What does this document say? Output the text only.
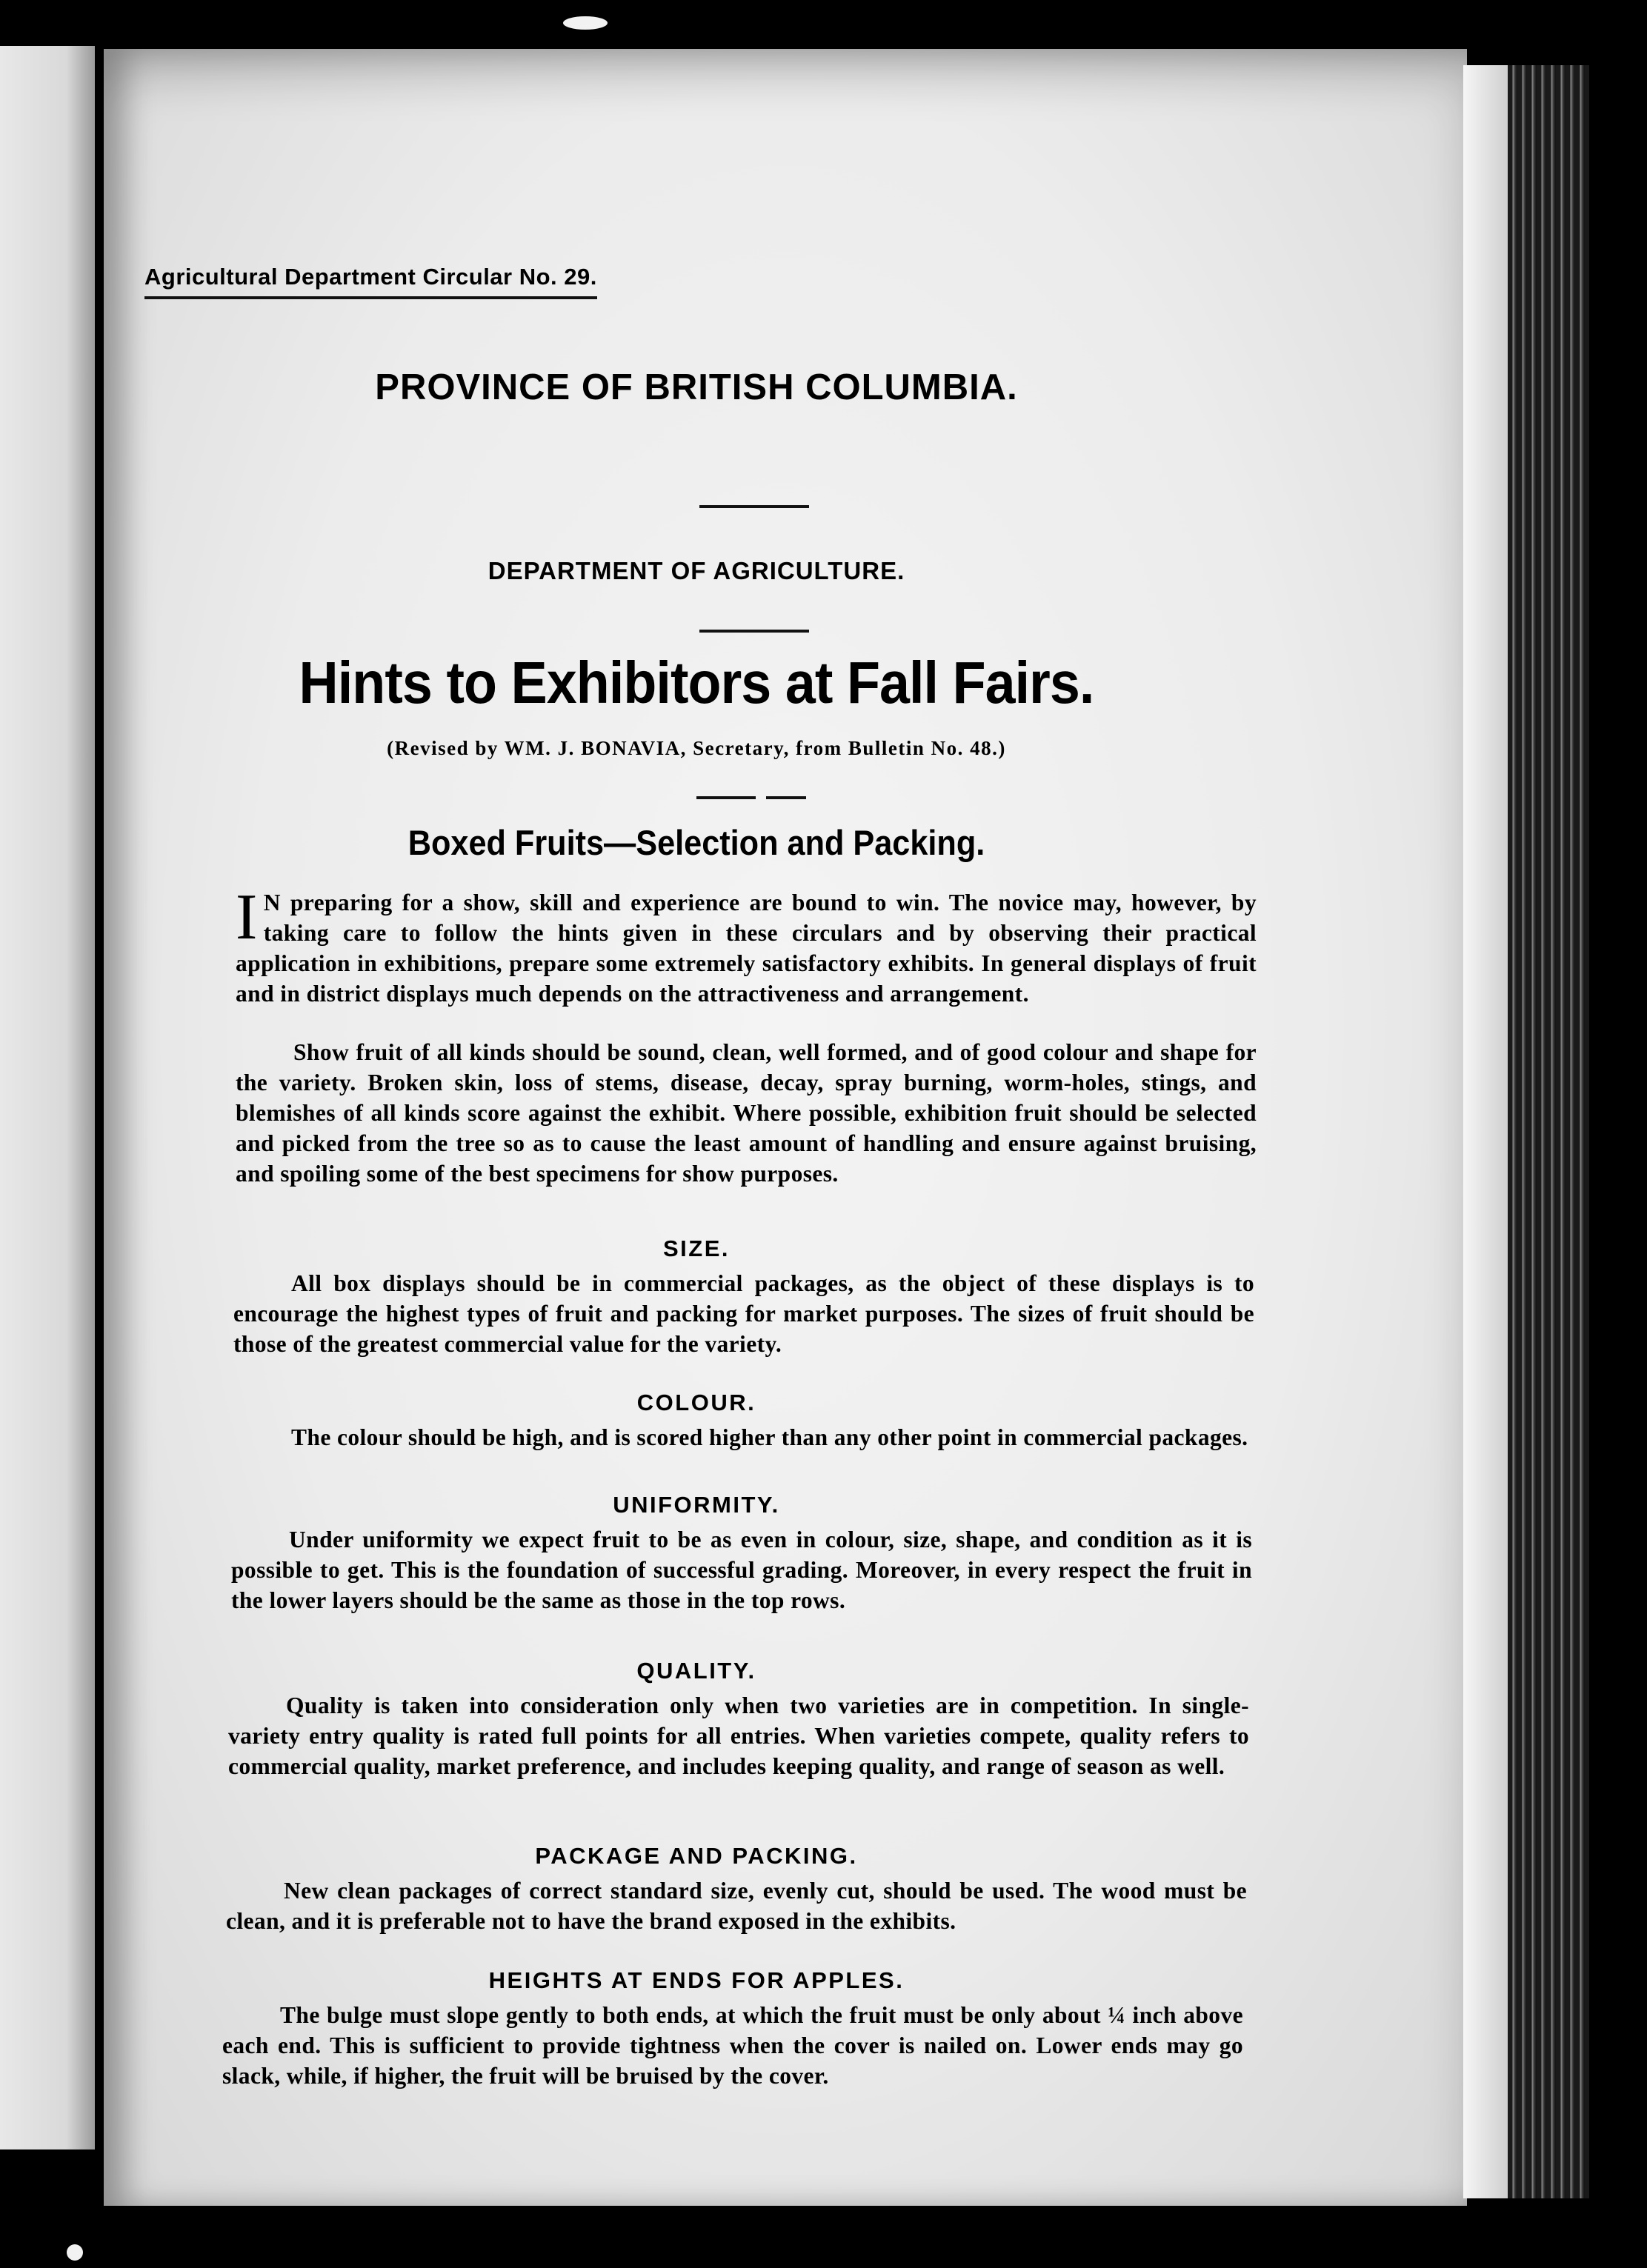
Agricultural Department Circular No. 29.
PROVINCE OF BRITISH COLUMBIA.
DEPARTMENT OF AGRICULTURE.
Hints to Exhibitors at Fall Fairs.
(Revised by WM. J. BONAVIA, Secretary, from Bulletin No. 48.)
Boxed Fruits—Selection and Packing.
IN preparing for a show, skill and experience are bound to win. The novice may, however, by taking care to follow the hints given in these circulars and by observing their practical application in exhibitions, prepare some extremely satisfactory exhibits. In general displays of fruit and in district displays much depends on the attractiveness and arrangement.
Show fruit of all kinds should be sound, clean, well formed, and of good colour and shape for the variety. Broken skin, loss of stems, disease, decay, spray burning, worm-holes, stings, and blemishes of all kinds score against the exhibit. Where possible, exhibition fruit should be selected and picked from the tree so as to cause the least amount of handling and ensure against bruising, and spoiling some of the best specimens for show purposes.
SIZE.
All box displays should be in commercial packages, as the object of these displays is to encourage the highest types of fruit and packing for market purposes. The sizes of fruit should be those of the greatest commercial value for the variety.
COLOUR.
The colour should be high, and is scored higher than any other point in commercial packages.
UNIFORMITY.
Under uniformity we expect fruit to be as even in colour, size, shape, and condition as it is possible to get. This is the foundation of successful grading. Moreover, in every respect the fruit in the lower layers should be the same as those in the top rows.
QUALITY.
Quality is taken into consideration only when two varieties are in competition. In single-variety entry quality is rated full points for all entries. When varieties compete, quality refers to commercial quality, market preference, and includes keeping quality, and range of season as well.
PACKAGE AND PACKING.
New clean packages of correct standard size, evenly cut, should be used. The wood must be clean, and it is preferable not to have the brand exposed in the exhibits.
HEIGHTS AT ENDS FOR APPLES.
The bulge must slope gently to both ends, at which the fruit must be only about ¼ inch above each end. This is sufficient to provide tightness when the cover is nailed on. Lower ends may go slack, while, if higher, the fruit will be bruised by the cover.
